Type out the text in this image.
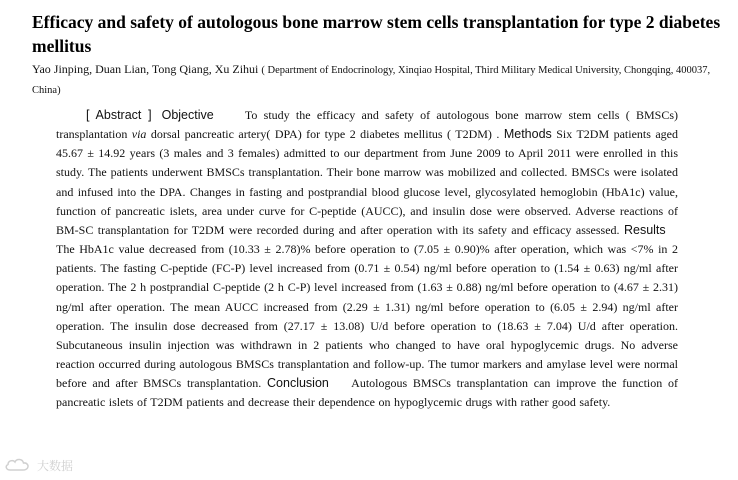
Efficacy and safety of autologous bone marrow stem cells transplantation for type 2 diabetes mellitus
Yao Jinping, Duan Lian, Tong Qiang, Xu Zihui ( Department of Endocrinology, Xinqiao Hospital, Third Military Medical University, Chongqing, 400037, China)
[ Abstract ] Objective	To study the efficacy and safety of autologous bone marrow stem cells ( BMSCs) transplantation via dorsal pancreatic artery( DPA) for type 2 diabetes mellitus ( T2DM) . Methods Six T2DM patients aged 45.67 ± 14.92 years (3 males and 3 females) admitted to our department from June 2009 to April 2011 were enrolled in this study. The patients underwent BMSCs transplantation. Their bone marrow was mobilized and collected. BMSCs were isolated and infused into the DPA. Changes in fasting and postprandial blood glucose level, glycosylated hemoglobin (HbA1c) value, function of pancreatic islets, area under curve for C-peptide (AUCC), and insulin dose were observed. Adverse reactions of BM-SC transplantation for T2DM were recorded during and after operation with its safety and efficacy assessed. Results    The HbA1c value decreased from (10.33 ± 2.78)% before operation to (7.05 ± 0.90)% after operation, which was <7% in 2 patients. The fasting C-peptide (FC-P) level increased from (0.71 ± 0.54) ng/ml before operation to (1.54 ± 0.63) ng/ml after operation. The 2 h postprandial C-peptide (2 h C-P) level increased from (1.63 ± 0.88) ng/ml before operation to (4.67 ± 2.31) ng/ml after operation. The mean AUCC increased from (2.29 ± 1.31) ng/ml before operation to (6.05 ± 2.94) ng/ml after operation. The insulin dose decreased from (27.17 ± 13.08) U/d before operation to (18.63 ± 7.04) U/d after operation. Subcutaneous insulin injection was withdrawn in 2 patients who changed to have oral hypoglycemic drugs. No adverse reaction occurred during autologous BMSCs transplantation and follow-up. The tumor markers and amylase level were normal before and after BMSCs transplantation. Conclusion Autologous BMSCs transplantation can improve the function of pancreatic islets of T2DM patients and decrease their dependence on hypoglycemic drugs with rather good safety.
大数据
